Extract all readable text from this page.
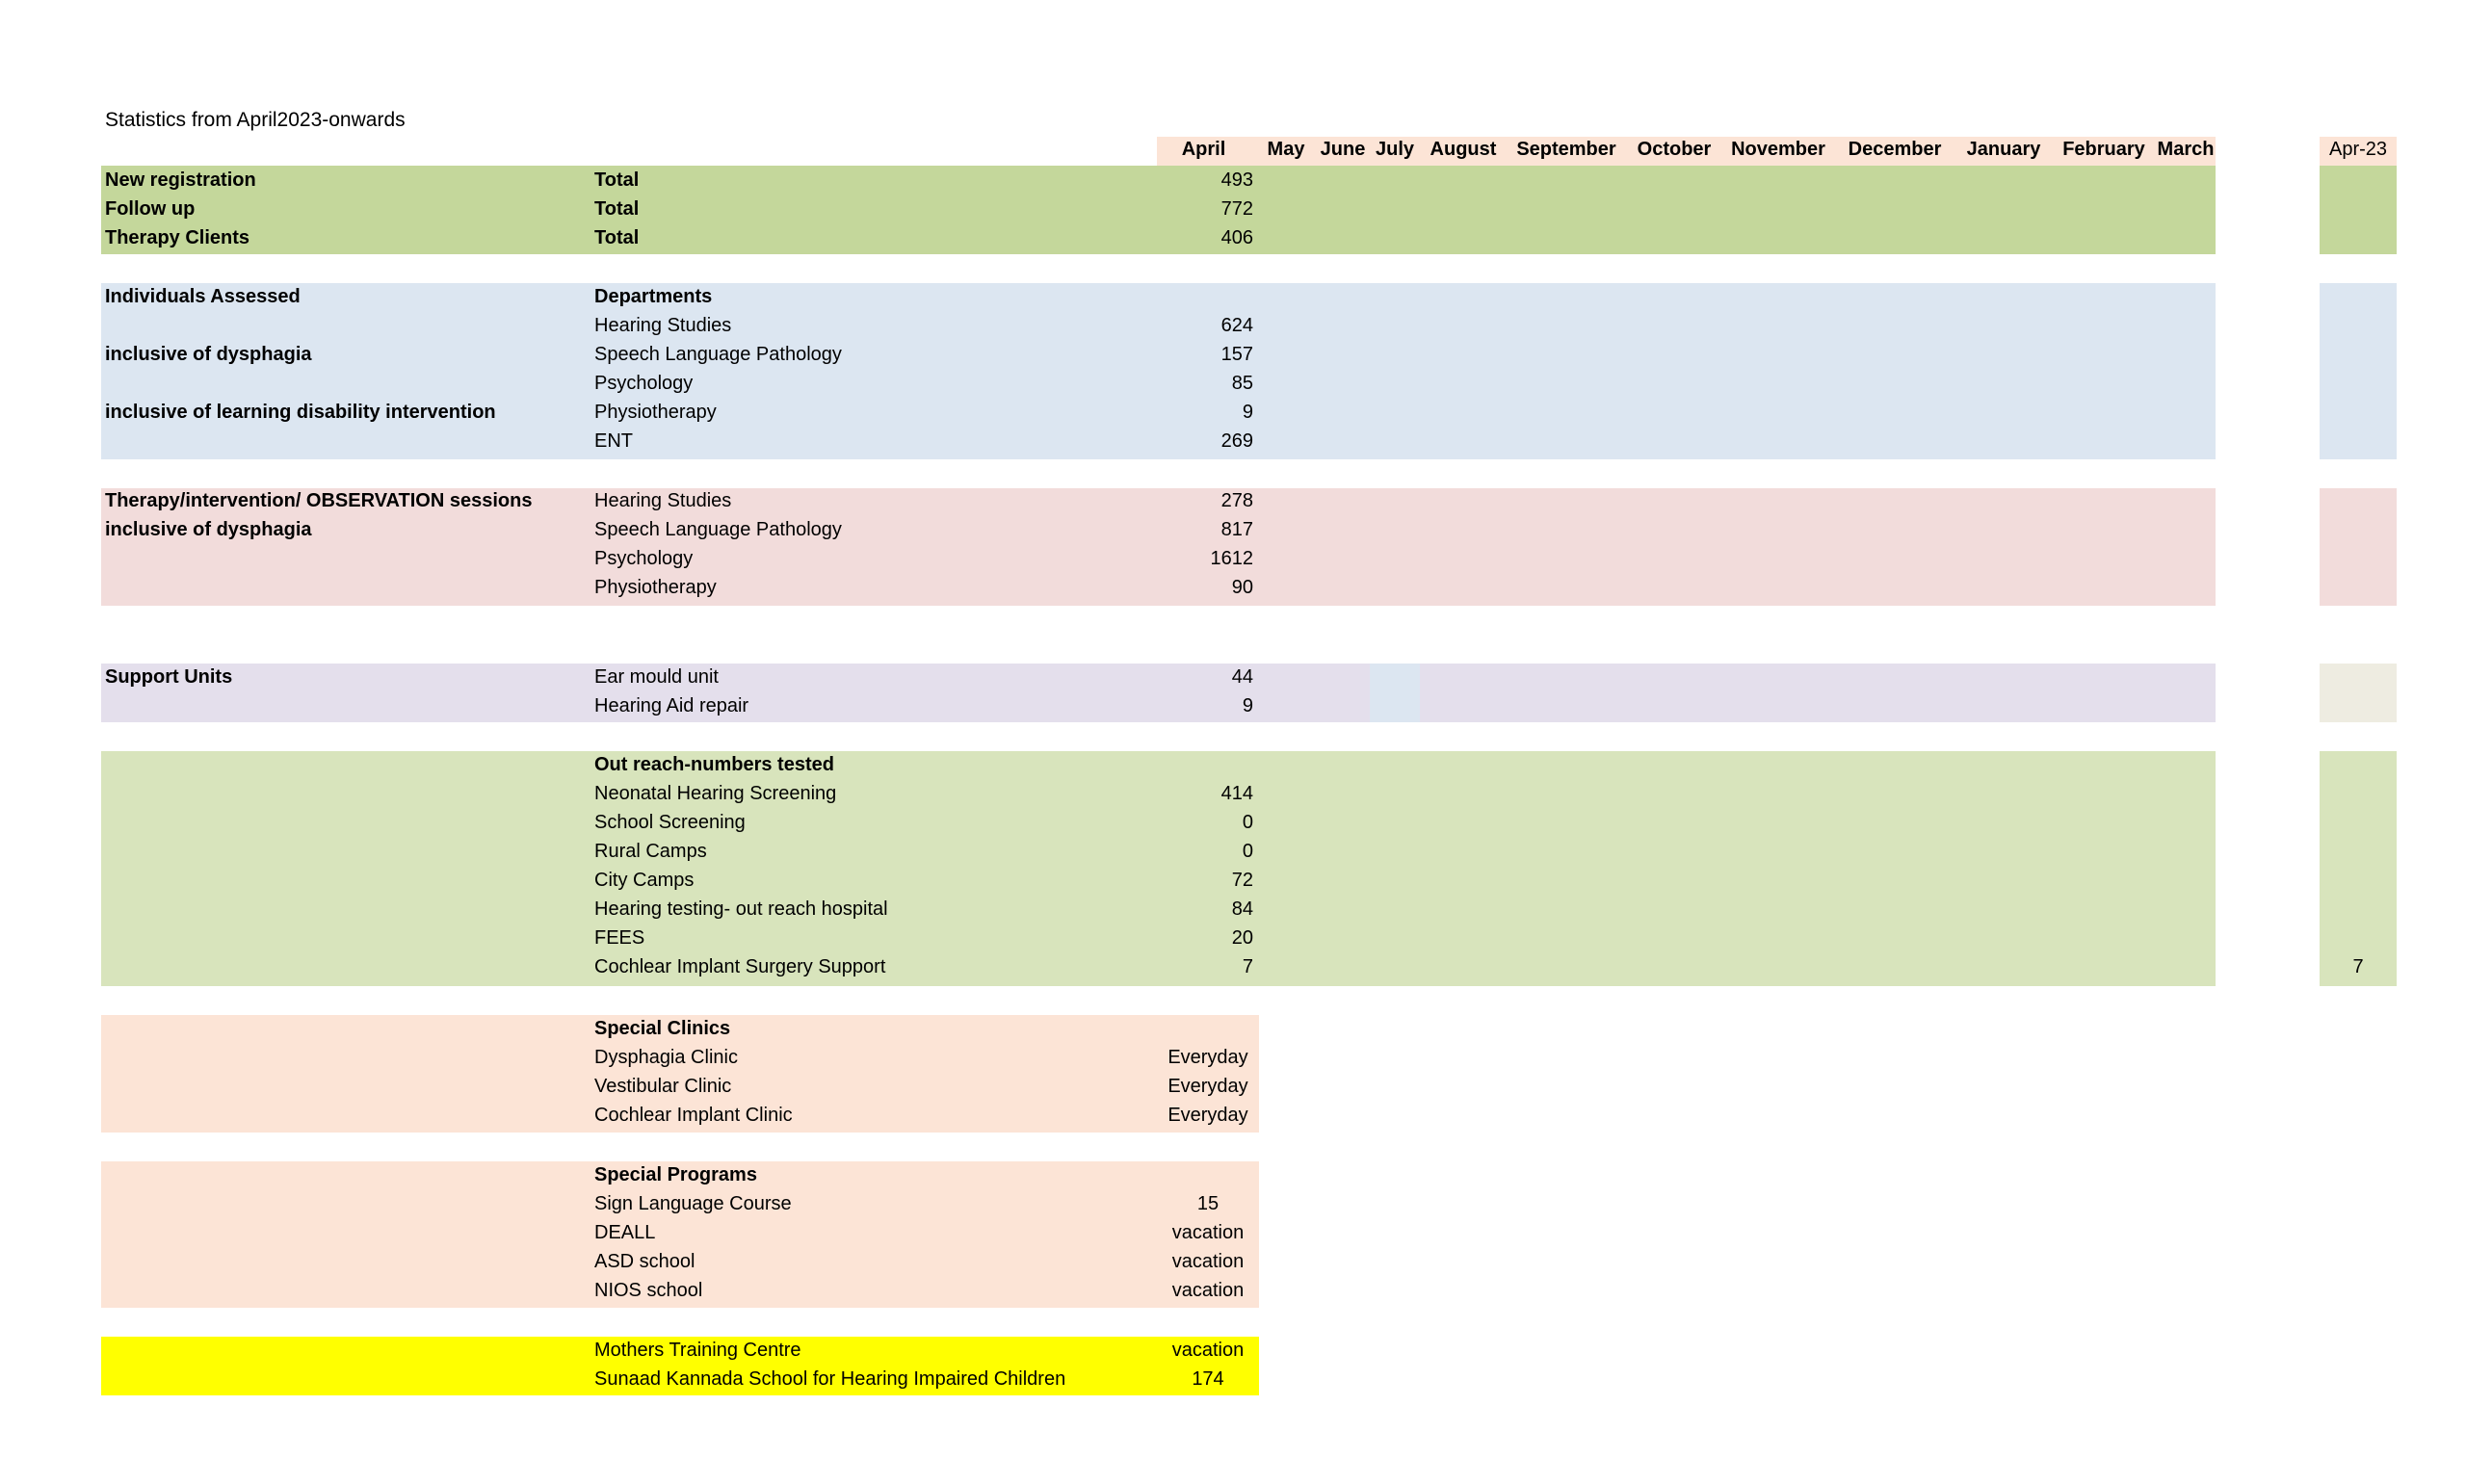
Statistics from April2023-onwards
April	May June July August	September	October	November	December	January	February March	Apr-23
New registration	Total	493
Follow up	Total	772
Therapy Clients	Total	406
Individuals Assessed	Departments
Hearing Studies	624
inclusive of dysphagia	Speech Language Pathology	157
Psychology	85
inclusive of learning disability intervention	Physiotherapy	9
ENT	269
Therapy/intervention/ OBSERVATION sessions	Hearing Studies	278
inclusive of dysphagia	Speech Language Pathology	817
Psychology	1612
Physiotherapy	90
Support Units	Ear mould unit	44
Hearing Aid repair	9
Out reach-numbers tested
Neonatal Hearing Screening	414
School Screening	0
Rural Camps	0
City Camps	72
Hearing testing- out reach hospital	84
FEES	20
Cochlear Implant Surgery Support	7	7
Special Clinics
Dysphagia Clinic	Everyday
Vestibular Clinic	Everyday
Cochlear Implant Clinic	Everyday
Special Programs
Sign Language Course	15
DEALL	vacation
ASD school	vacation
NIOS school	vacation
Mothers Training Centre	vacation
Sunaad Kannada School for Hearing Impaired Children	174
